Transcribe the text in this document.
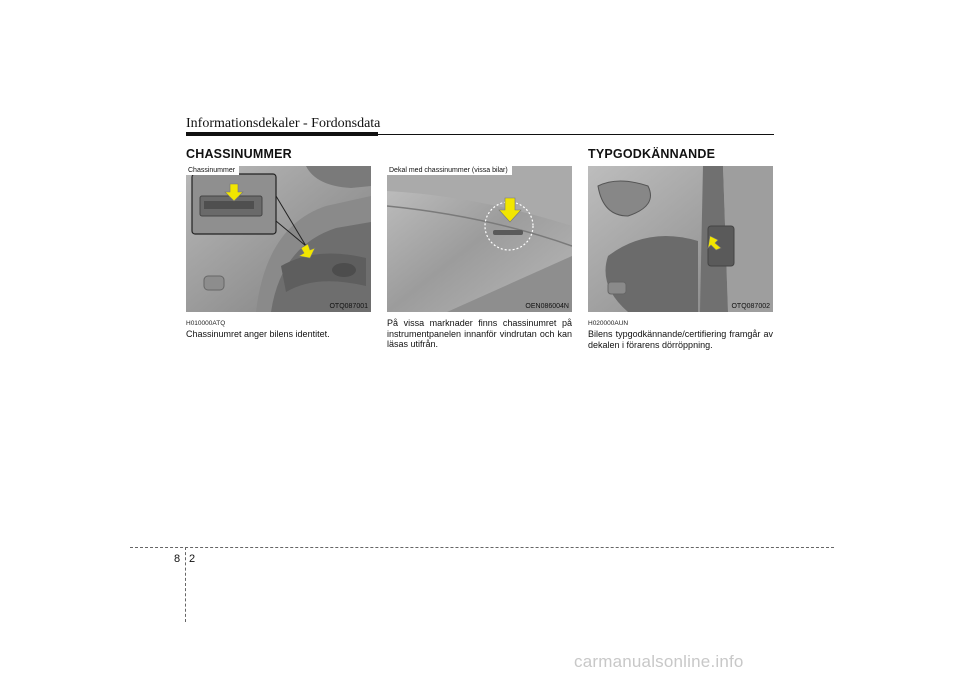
Informationsdekaler - Fordonsdata
CHASSINUMMER
Chassinummer
OTQ087001
H010000ATQ
Chassinumret anger bilens identitet.
Dekal med chassinummer (vissa bilar)
OEN086004N
På vissa marknader finns chassinumret på instrumentpanelen innanför vindrutan och kan läsas utifrån.
TYPGODKÄNNANDE
OTQ087002
H020000AUN
Bilens typgodkännande/certifiering framgår av dekalen i förarens dörröppning.
8 2
carmanualsonline.info
